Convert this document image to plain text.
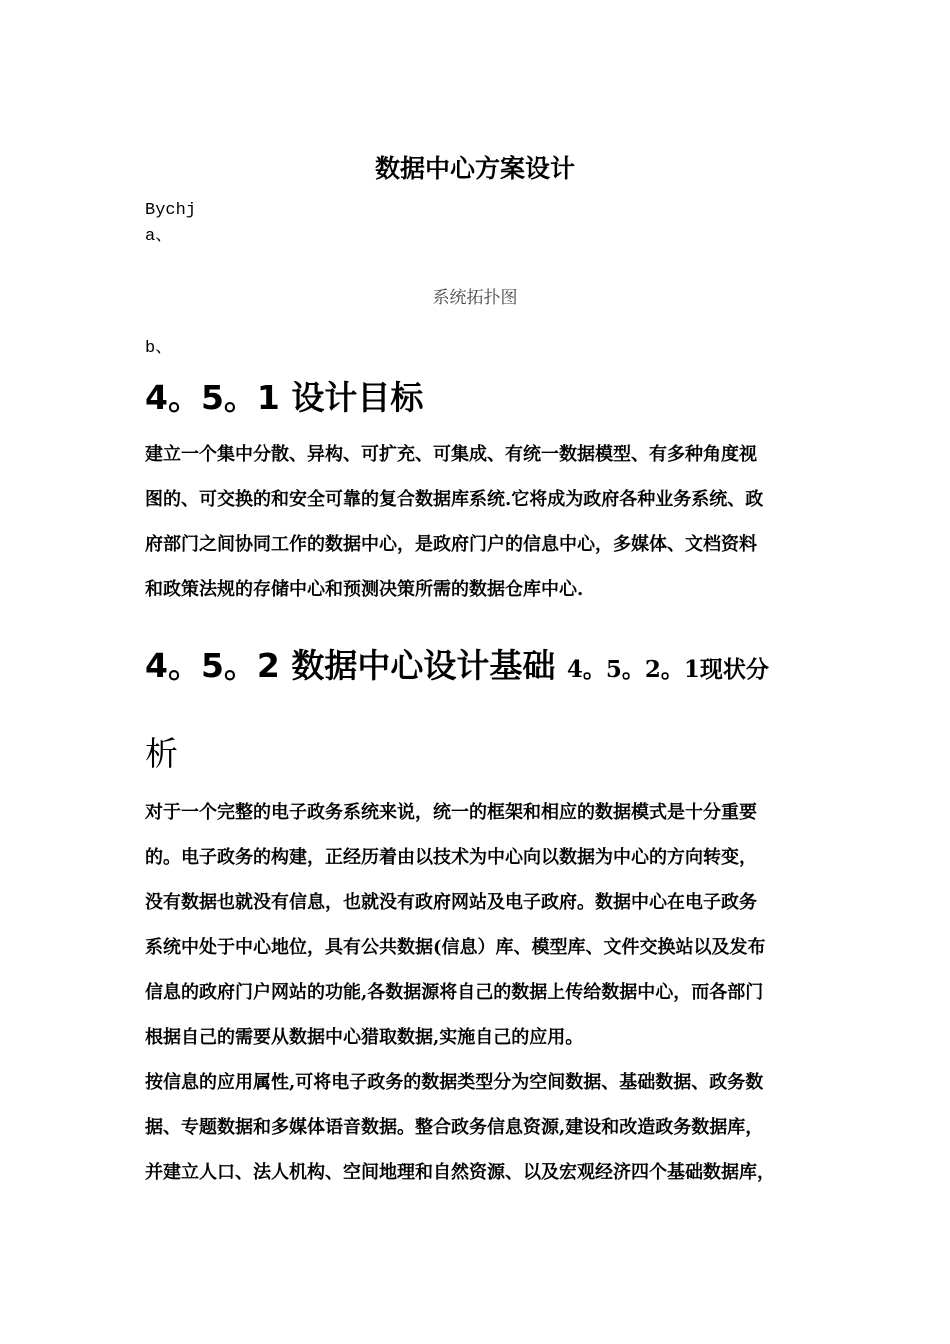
数据中心方案设计
Bychj
a、
系统拓扑图
b、
4。5。1 设计目标
建立一个集中分散、异构、可扩充、可集成、有统一数据模型、有多种角度视
图的、可交换的和安全可靠的复合数据库系统.它将成为政府各种业务系统、政
府部门之间协同工作的数据中心，是政府门户的信息中心，多媒体、文档资料
和政策法规的存储中心和预测决策所需的数据仓库中心.
4。5。2 数据中心设计基础 4。5。2。1现状分
析
对于一个完整的电子政务系统来说，统一的框架和相应的数据模式是十分重要
的。电子政务的构建，正经历着由以技术为中心向以数据为中心的方向转变，
没有数据也就没有信息，也就没有政府网站及电子政府。数据中心在电子政务
系统中处于中心地位，具有公共数据(信息）库、模型库、文件交换站以及发布
信息的政府门户网站的功能,各数据源将自己的数据上传给数据中心，而各部门
根据自己的需要从数据中心猎取数据,实施自己的应用。
按信息的应用属性,可将电子政务的数据类型分为空间数据、基础数据、政务数
据、专题数据和多媒体语音数据。整合政务信息资源,建设和改造政务数据库，
并建立人口、法人机构、空间地理和自然资源、以及宏观经济四个基础数据库，
